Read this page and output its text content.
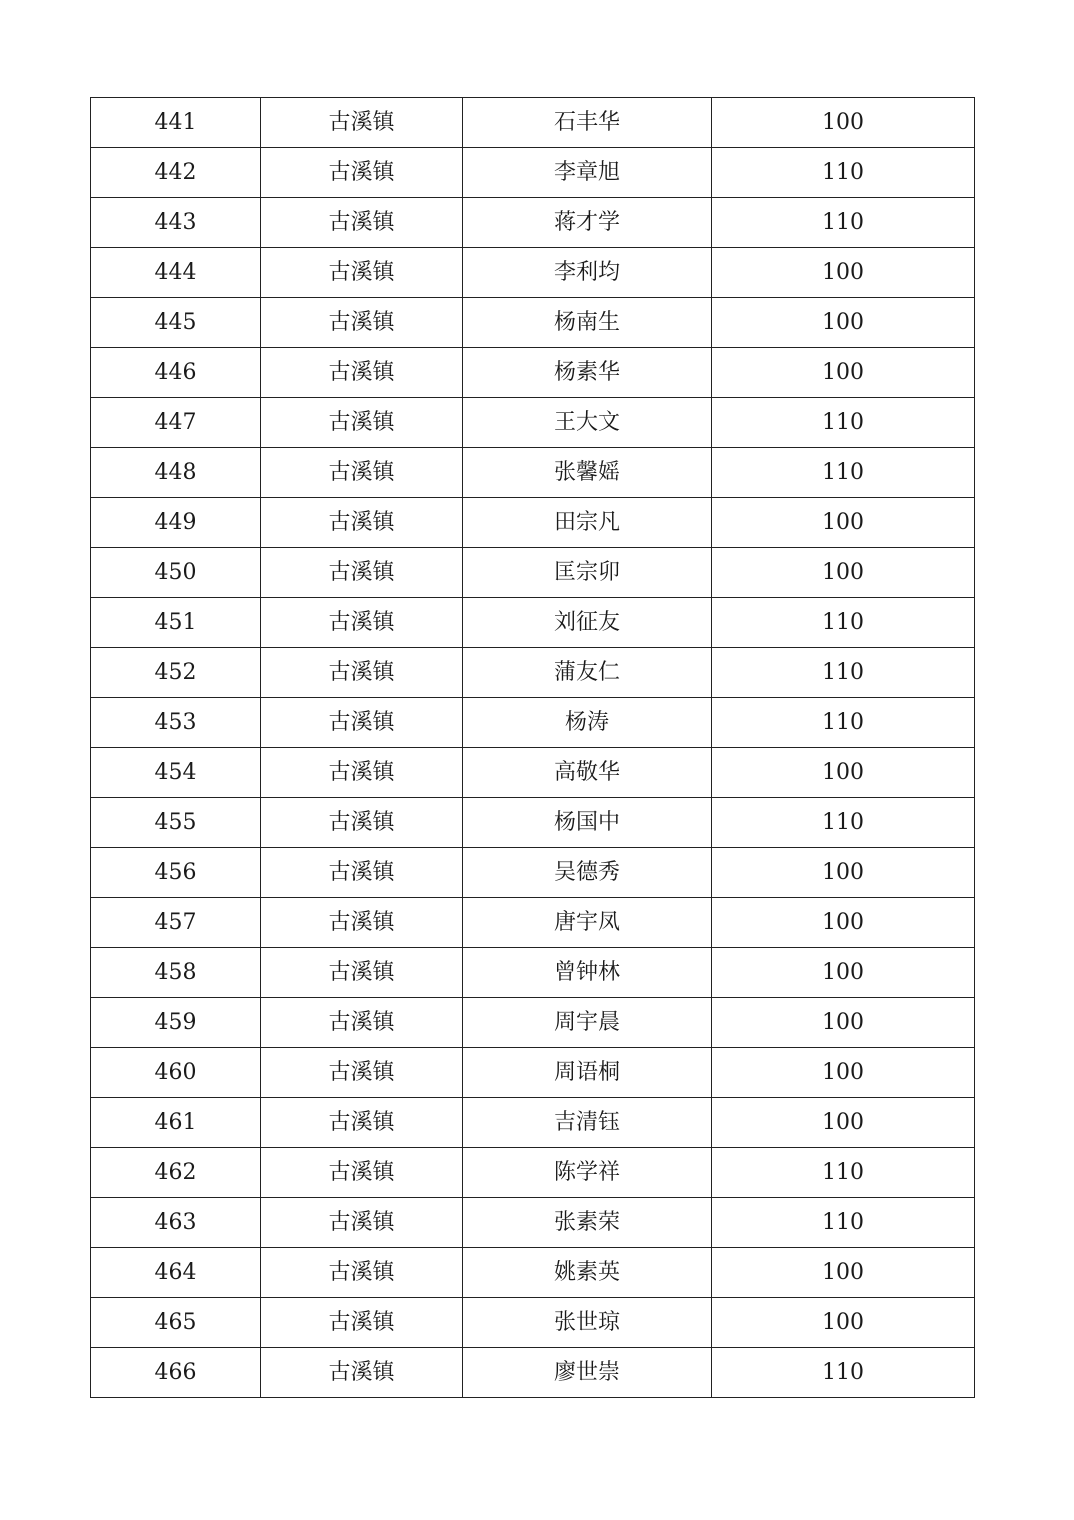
441	古溪镇	石丰华	100
442	古溪镇	李章旭	110
443	古溪镇	蒋才学	110
444	古溪镇	李利均	100
445	古溪镇	杨南生	100
446	古溪镇	杨素华	100
447	古溪镇	王大文	110
448	古溪镇	张馨媱	110
449	古溪镇	田宗凡	100
450	古溪镇	匡宗卯	100
451	古溪镇	刘征友	110
452	古溪镇	蒲友仁	110
453	古溪镇	杨涛	110
454	古溪镇	高敬华	100
455	古溪镇	杨国中	110
456	古溪镇	吴德秀	100
457	古溪镇	唐宇凤	100
458	古溪镇	曾钟林	100
459	古溪镇	周宇晨	100
460	古溪镇	周语桐	100
461	古溪镇	吉清钰	100
462	古溪镇	陈学祥	110
463	古溪镇	张素荣	110
464	古溪镇	姚素英	100
465	古溪镇	张世琼	100
466	古溪镇	廖世崇	110
